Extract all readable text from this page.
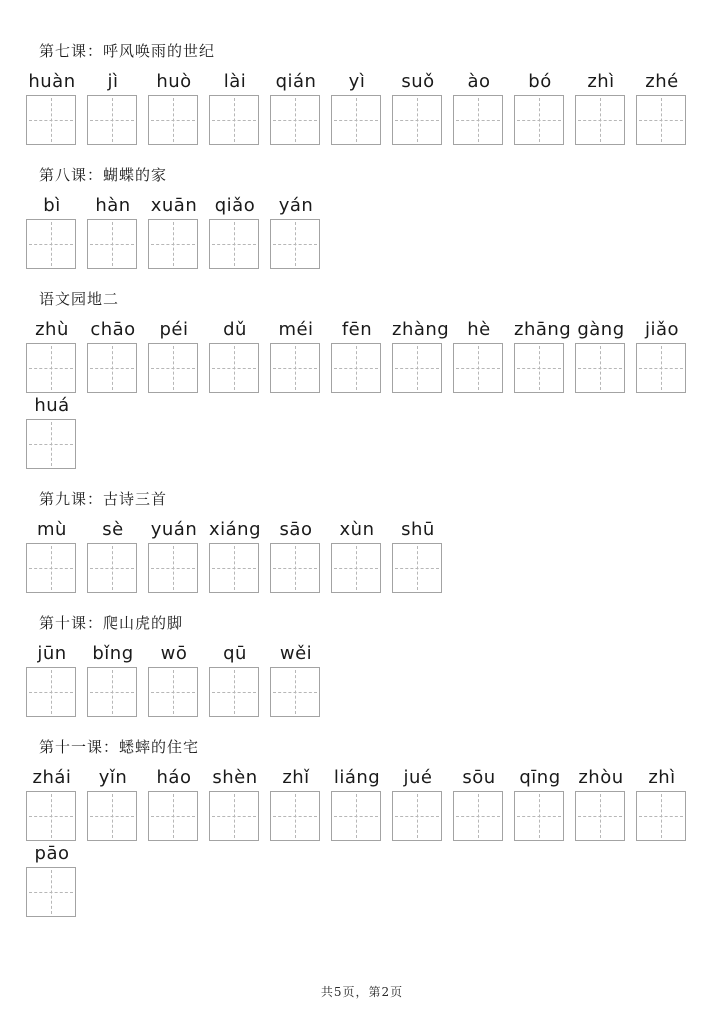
第七课：呼风唤雨的世纪
huàn	jì	huò	lài	qián	yì	suǒ	ào	bó	zhì	zhé
第八课：蝴蝶的家
bì	hàn	xuān qiǎo	yán
语文园地二
zhù	chāo	péi	dǔ	méi	fēn	zhàng	hè	zhāng gàng	jiǎo
huá
第九课：古诗三首
mù	sè	yuán xiáng	sāo	xùn	shū
第十课：爬山虎的脚
jūn	bǐng	wō	qū	wěi
第十一课：蟋蟀的住宅
zhái	yǐn	háo	shèn	zhǐ	liáng	jué	sōu	qīng zhòu	zhì
pāo
共5页，第2页
